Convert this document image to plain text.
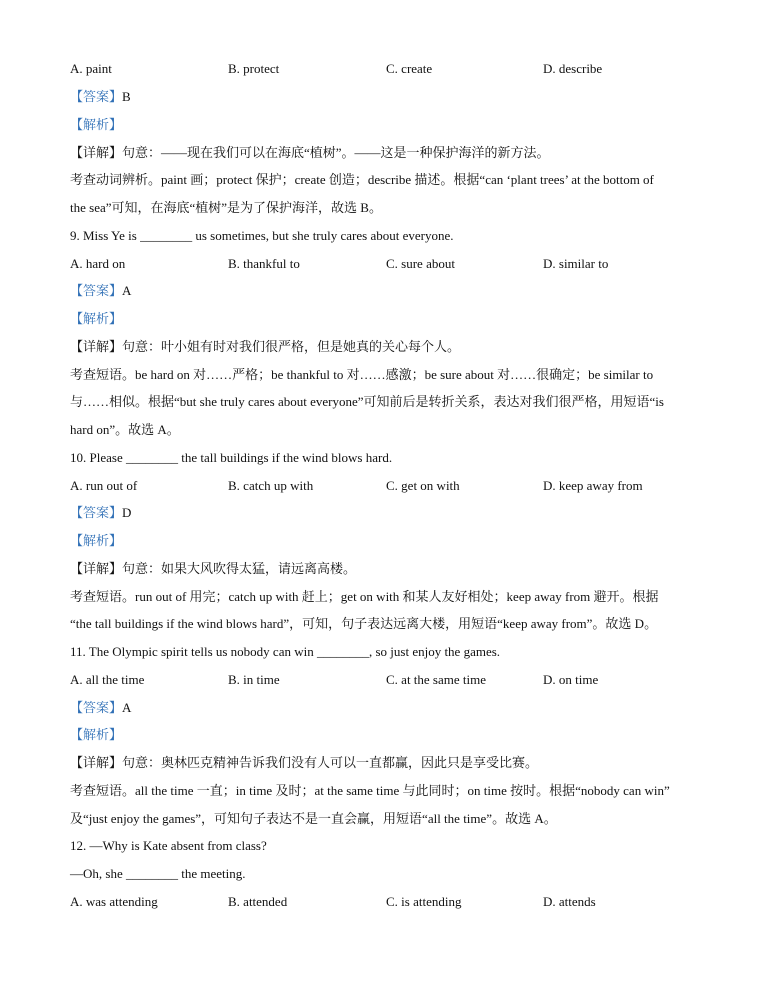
A. paint	B. protect	C. create	D. describe
【答案】B
【解析】
【详解】句意：——现在我们可以在海底“植树”。——这是一种保护海洋的新方法。
考查动词辨析。paint 画；protect 保护；create 创造；describe 描述。根据“can ‘plant trees’ at the bottom of
the sea”可知，在海底“植树”是为了保护海洋，故选 B。
9. Miss Ye is ________ us sometimes, but she truly cares about everyone.
A. hard on	B. thankful to	C. sure about	D. similar to
【答案】A
【解析】
【详解】句意：叶小姐有时对我们很严格，但是她真的关心每个人。
考查短语。be hard on 对……严格；be thankful to 对……感激；be sure about 对……很确定；be similar to
与……相似。根据“but she truly cares about everyone”可知前后是转折关系，表达对我们很严格，用短语“is
hard on”。故选 A。
10. Please ________ the tall buildings if the wind blows hard.
A. run out of	B. catch up with	C. get on with	D. keep away from
【答案】D
【解析】
【详解】句意：如果大风吹得太猛，请远离高楼。
考查短语。run out of 用完；catch up with 赶上；get on with 和某人友好相处；keep away from 避开。根据
“the tall buildings if the wind blows hard”，可知，句子表达远离大楼，用短语“keep away from”。故选 D。
11. The Olympic spirit tells us nobody can win ________, so just enjoy the games.
A. all the time	B. in time	C. at the same time	D. on time
【答案】A
【解析】
【详解】句意：奥林匹克精神告诉我们没有人可以一直都赢，因此只是享受比赛。
考查短语。all the time 一直；in time 及时；at the same time 与此同时；on time 按时。根据“nobody can win”
及“just enjoy the games”，可知句子表达不是一直会赢，用短语“all the time”。故选 A。
12. —Why is Kate absent from class?
—Oh, she ________ the meeting.
A. was attending	B. attended	C. is attending	D. attends
